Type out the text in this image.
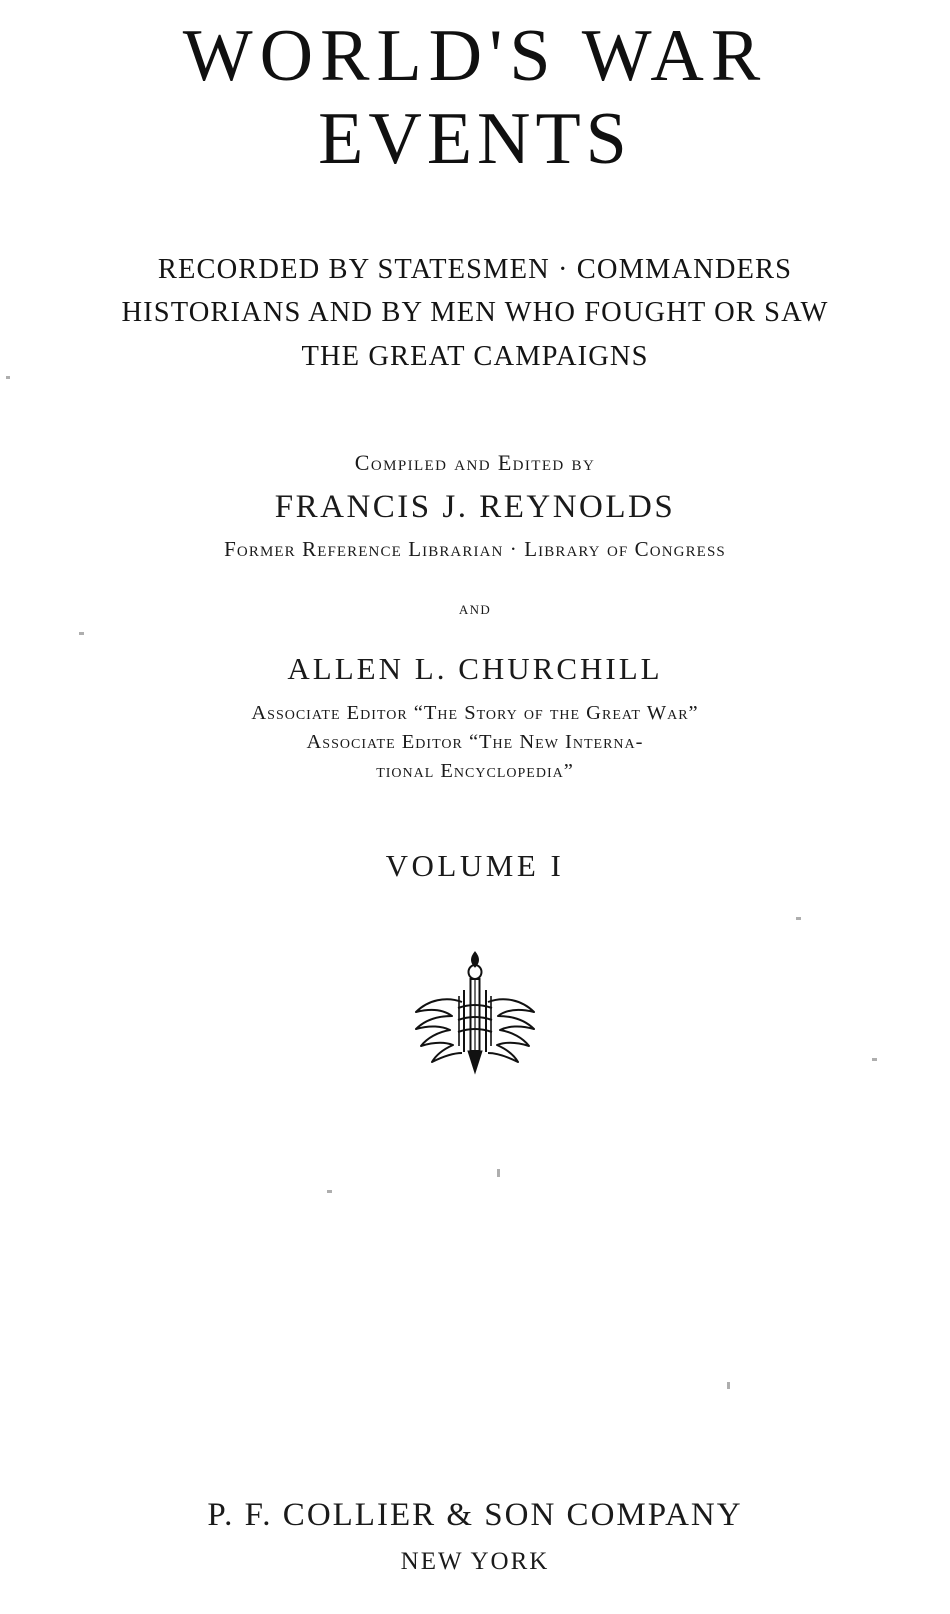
WORLD'S WAR
EVENTS
RECORDED BY STATESMEN · COMMANDERS
HISTORIANS AND BY MEN WHO FOUGHT OR SAW
THE GREAT CAMPAIGNS
Compiled and Edited by
FRANCIS J. REYNOLDS
Former Reference Librarian · Library of Congress
and
ALLEN L. CHURCHILL
Associate Editor “The Story of the Great War”
Associate Editor “The New Interna-
tional Encyclopedia”
VOLUME I
P. F. COLLIER & SON COMPANY
NEW YORK
